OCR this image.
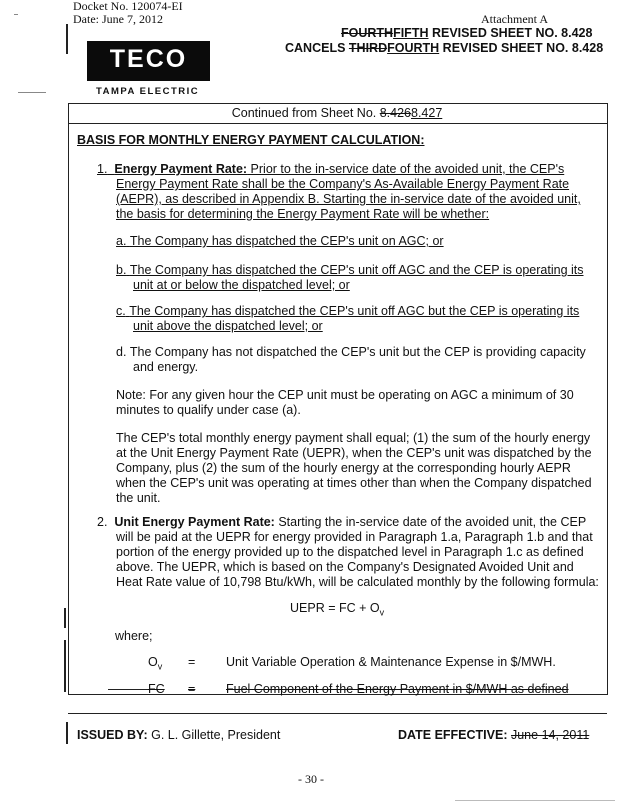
Docket No. 120074-EI
Date: June 7, 2012	Attachment A
FOURTHFIFTH REVISED SHEET NO. 8.428
CANCELS THIRDFOURTH REVISED SHEET NO. 8.428
TECO
TAMPA ELECTRIC
Continued from Sheet No. 8.4268.427
BASIS FOR MONTHLY ENERGY PAYMENT CALCULATION:
1. Energy Payment Rate: Prior to the in-service date of the avoided unit, the CEP's
Energy Payment Rate shall be the Company's As-Available Energy Payment Rate
(AEPR), as described in Appendix B. Starting the in-service date of the avoided unit,
the basis for determining the Energy Payment Rate will be whether:
a. The Company has dispatched the CEP's unit on AGC; or
b. The Company has dispatched the CEP's unit off AGC and the CEP is operating its
unit at or below the dispatched level; or
c. The Company has dispatched the CEP's unit off AGC but the CEP is operating its
unit above the dispatched level; or
d. The Company has not dispatched the CEP's unit but the CEP is providing capacity
and energy.
Note: For any given hour the CEP unit must be operating on AGC a minimum of 30
minutes to qualify under case (a).
The CEP's total monthly energy payment shall equal; (1) the sum of the hourly energy
at the Unit Energy Payment Rate (UEPR), when the CEP's unit was dispatched by the
Company, plus (2) the sum of the hourly energy at the corresponding hourly AEPR
when the CEP's unit was operating at times other than when the Company dispatched
the unit.
2. Unit Energy Payment Rate: Starting the in-service date of the avoided unit, the CEP
will be paid at the UEPR for energy provided in Paragraph 1.a, Paragraph 1.b and that
portion of the energy provided up to the dispatched level in Paragraph 1.c as defined
above. The UEPR, which is based on the Company's Designated Avoided Unit and
Heat Rate value of 10,798 Btu/kWh, will be calculated monthly by the following formula:
UEPR = FC + $O_v$
where;
$O_v$ = Unit Variable Operation & Maintenance Expense in $/MWH.
FC = Fuel Component of the Energy Payment in $/MWH as defined
ISSUED BY: G. L. Gillette, President	DATE EFFECTIVE: June 14, 2011
- 30 -
